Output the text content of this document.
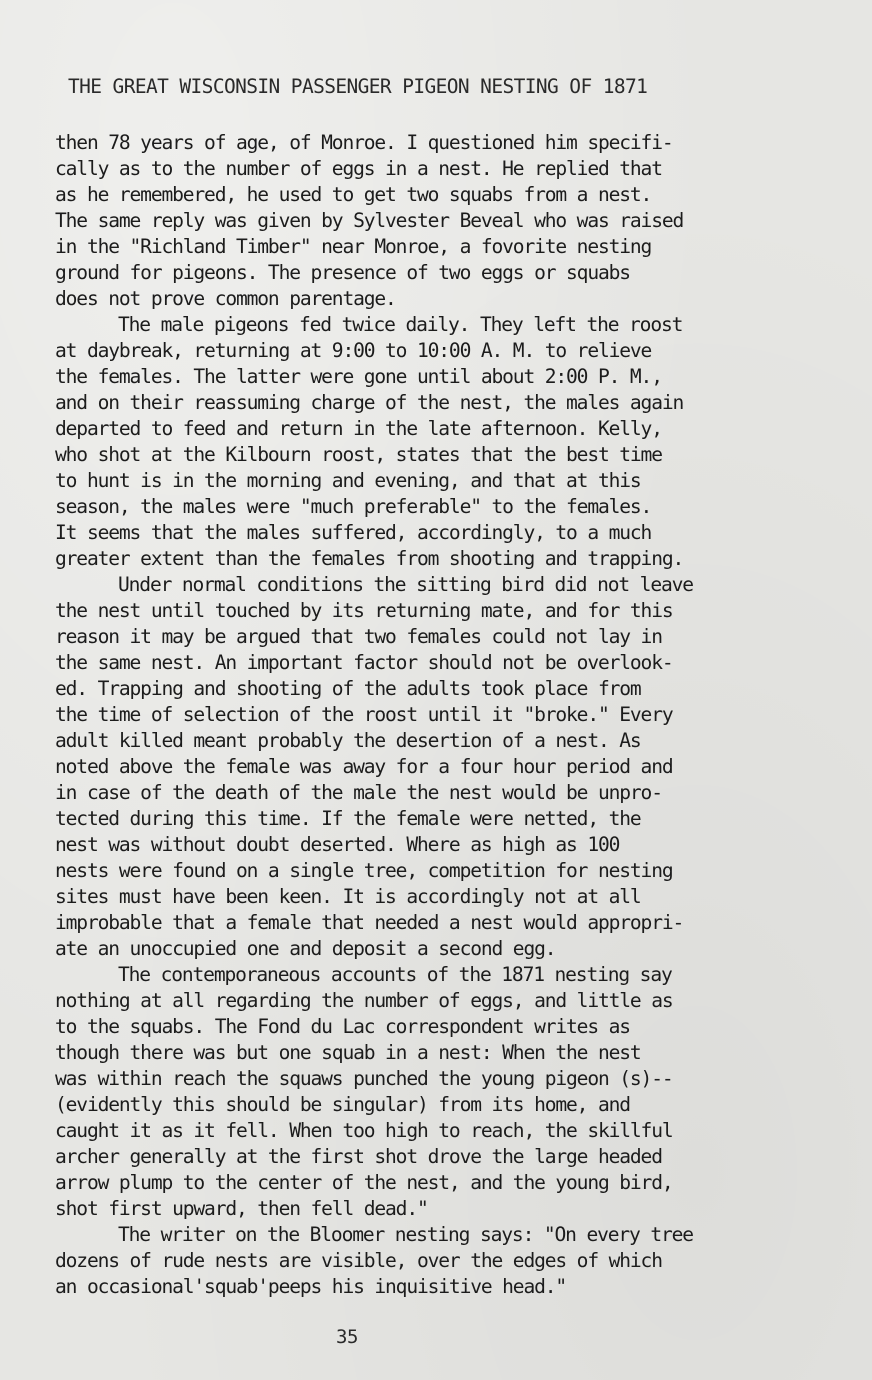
THE GREAT WISCONSIN PASSENGER PIGEON NESTING OF 1871
then 78 years of age, of Monroe. I questioned him specifi-
cally as to the number of eggs in a nest. He replied that
as he remembered, he used to get two squabs from a nest.
The same reply was given by Sylvester Beveal who was raised
in the "Richland Timber" near Monroe, a fovorite nesting
ground for pigeons. The presence of two eggs or squabs
does not prove common parentage.
The male pigeons fed twice daily. They left the roost
at daybreak, returning at 9:00 to 10:00 A. M. to relieve
the females. The latter were gone until about 2:00 P. M.,
and on their reassuming charge of the nest, the males again
departed to feed and return in the late afternoon. Kelly,
who shot at the Kilbourn roost, states that the best time
to hunt is in the morning and evening, and that at this
season, the males were "much preferable" to the females.
It seems that the males suffered, accordingly, to a much
greater extent than the females from shooting and trapping.
Under normal conditions the sitting bird did not leave
the nest until touched by its returning mate, and for this
reason it may be argued that two females could not lay in
the same nest. An important factor should not be overlook-
ed. Trapping and shooting of the adults took place from
the time of selection of the roost until it "broke." Every
adult killed meant probably the desertion of a nest. As
noted above the female was away for a four hour period and
in case of the death of the male the nest would be unpro-
tected during this time. If the female were netted, the
nest was without doubt deserted. Where as high as 100
nests were found on a single tree, competition for nesting
sites must have been keen. It is accordingly not at all
improbable that a female that needed a nest would appropri-
ate an unoccupied one and deposit a second egg.
The contemporaneous accounts of the 1871 nesting say
nothing at all regarding the number of eggs, and little as
to the squabs. The Fond du Lac correspondent writes as
though there was but one squab in a nest: When the nest
was within reach the squaws punched the young pigeon (s)--
(evidently this should be singular) from its home, and
caught it as it fell. When too high to reach, the skillful
archer generally at the first shot drove the large headed
arrow plump to the center of the nest, and the young bird,
shot first upward, then fell dead."
The writer on the Bloomer nesting says: "On every tree
dozens of rude nests are visible, over the edges of which
an occasional'squab'peeps his inquisitive head."
35
